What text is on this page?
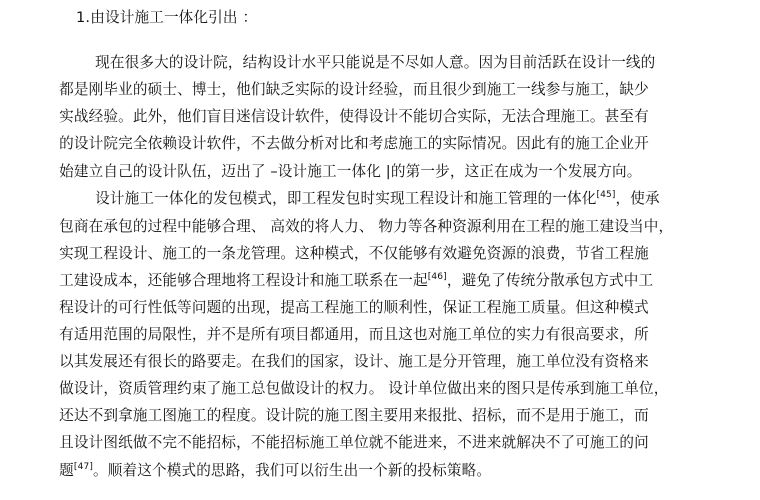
1.由设计施工一体化引出 ：

现在很多大的设计院，结构设计水平只能说是不尽如人意。因为目前活跃在设计一线的

都是刚毕业的硕士、博士，他们缺乏实际的设计经验，而且很少到施工一线参与施工，缺少

实战经验。此外，他们盲目迷信设计软件，使得设计不能切合实际，无法合理施工。甚至有

的设计院完全依赖设计软件，不去做分析对比和考虑施工的实际情况。因此有的施工企业开

始建立自己的设计队伍，迈出了 –设计施工一体化 |的第一步，这正在成为一个发展方向。

设计施工一体化的发包模式，即工程发包时实现工程设计和施工管理的一体化[45]，使承

包商在承包的过程中能够合理、 高效的将人力、 物力等各种资源利用在工程的施工建设当中，

实现工程设计、施工的一条龙管理。这种模式，不仅能够有效避免资源的浪费，节省工程施

工建设成本，还能够合理地将工程设计和施工联系在一起[46]，避免了传统分散承包方式中工

程设计的可行性低等问题的出现，提高工程施工的顺利性，保证工程施工质量。但这种模式

有适用范围的局限性，并不是所有项目都通用，而且这也对施工单位的实力有很高要求，所

以其发展还有很长的路要走。在我们的国家，设计、施工是分开管理，施工单位没有资格来

做设计，资质管理约束了施工总包做设计的权力。 设计单位做出来的图只是传承到施工单位，

还达不到拿施工图施工的程度。设计院的施工图主要用来报批、招标，而不是用于施工，而

且设计图纸做不完不能招标，不能招标施工单位就不能进来，不进来就解决不了可施工的问

题[47]。顺着这个模式的思路，我们可以衍生出一个新的投标策略。
